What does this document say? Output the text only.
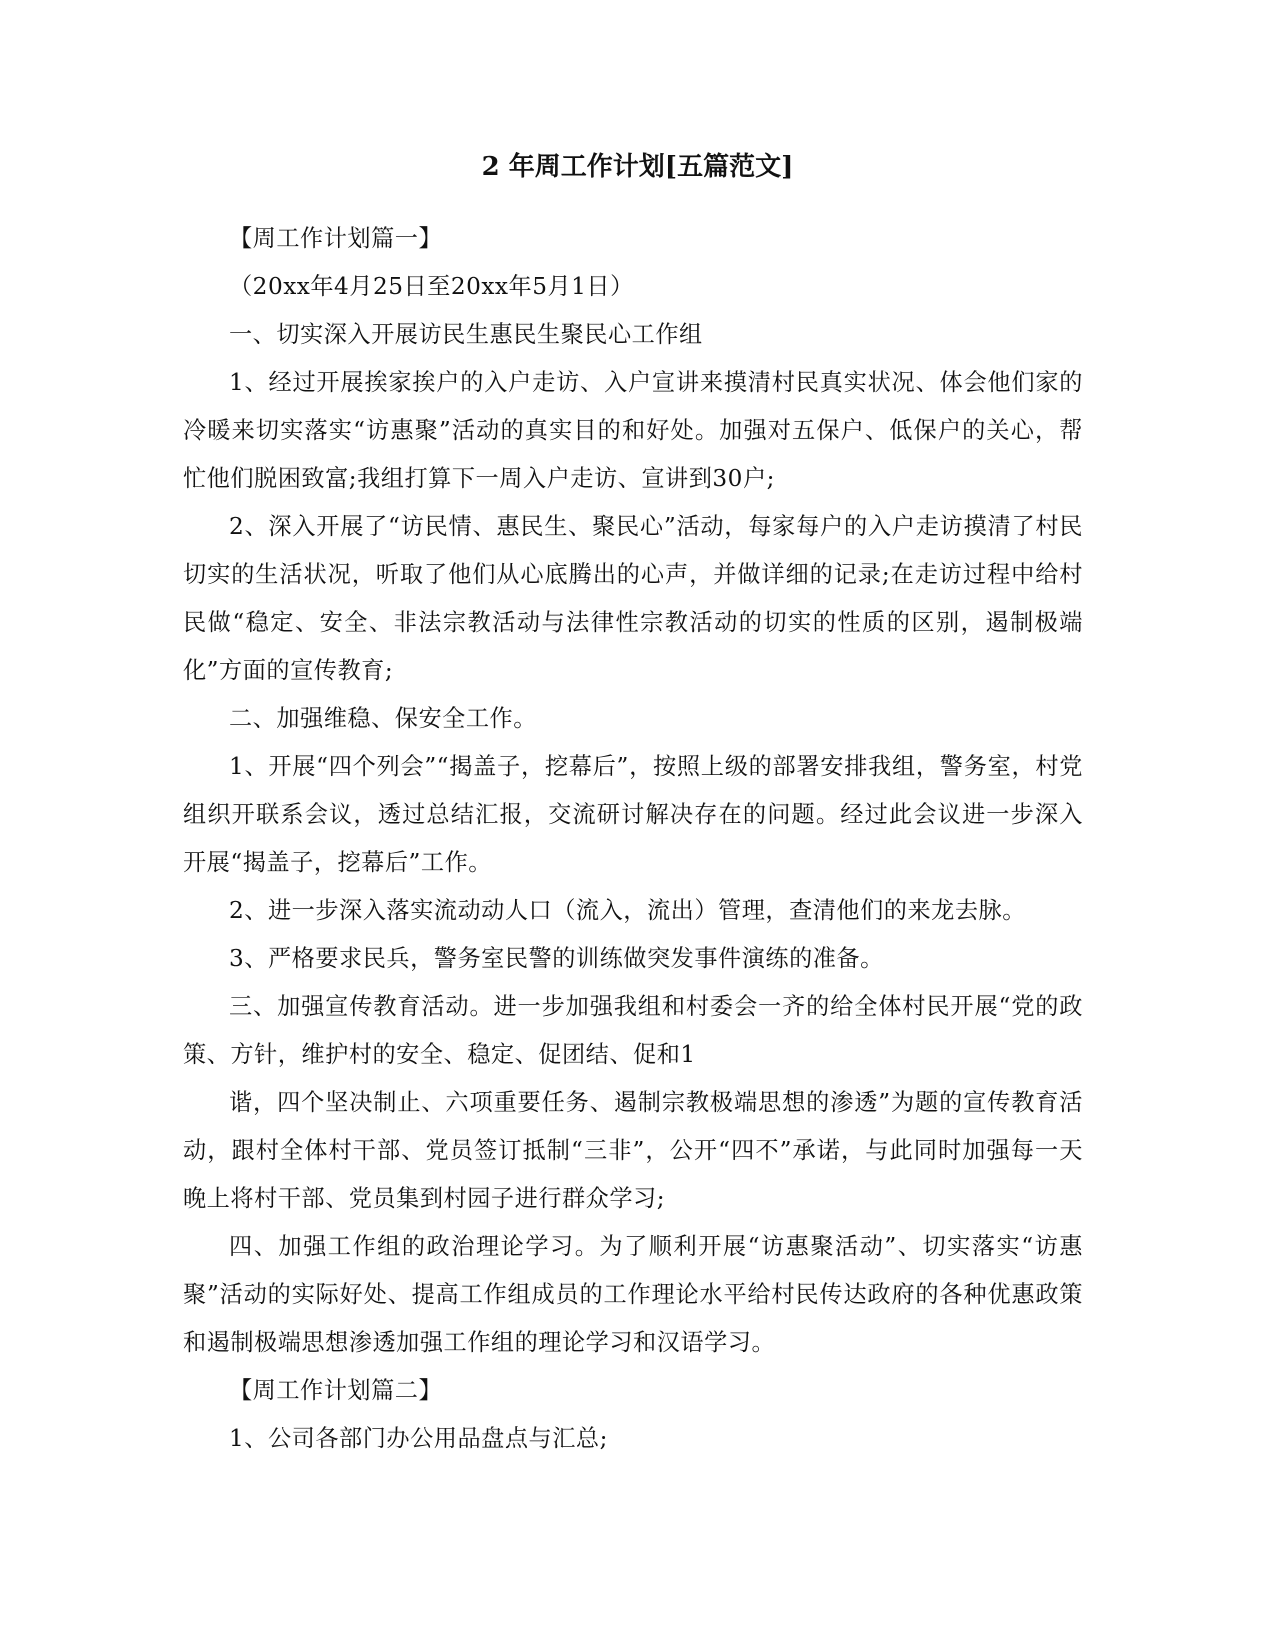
2 年周工作计划[五篇范文]

【周工作计划篇一】

（20xx年4月25日至20xx年5月1日）

一、切实深入开展访民生惠民生聚民心工作组

1、经过开展挨家挨户的入户走访、入户宣讲来摸清村民真实状况、体会他们家的冷暖来切实落实“访惠聚”活动的真实目的和好处。加强对五保户、低保户的关心，帮忙他们脱困致富;我组打算下一周入户走访、宣讲到30户;

2、深入开展了“访民情、惠民生、聚民心”活动，每家每户的入户走访摸清了村民切实的生活状况，听取了他们从心底腾出的心声，并做详细的记录;在走访过程中给村民做“稳定、安全、非法宗教活动与法律性宗教活动的切实的性质的区别，遏制极端化”方面的宣传教育;

二、加强维稳、保安全工作。

1、开展“四个列会”“揭盖子，挖幕后”，按照上级的部署安排我组，警务室，村党组织开联系会议，透过总结汇报，交流研讨解决存在的问题。经过此会议进一步深入开展“揭盖子，挖幕后”工作。

2、进一步深入落实流动动人口（流入，流出）管理，查清他们的来龙去脉。

3、严格要求民兵，警务室民警的训练做突发事件演练的准备。

三、加强宣传教育活动。进一步加强我组和村委会一齐的给全体村民开展“党的政策、方针，维护村的安全、稳定、促团结、促和1

谐，四个坚决制止、六项重要任务、遏制宗教极端思想的渗透”为题的宣传教育活动，跟村全体村干部、党员签订抵制“三非”，公开“四不”承诺，与此同时加强每一天晚上将村干部、党员集到村园子进行群众学习;

四、加强工作组的政治理论学习。为了顺利开展“访惠聚活动”、切实落实“访惠聚”活动的实际好处、提高工作组成员的工作理论水平给村民传达政府的各种优惠政策和遏制极端思想渗透加强工作组的理论学习和汉语学习。

【周工作计划篇二】

1、公司各部门办公用品盘点与汇总;
